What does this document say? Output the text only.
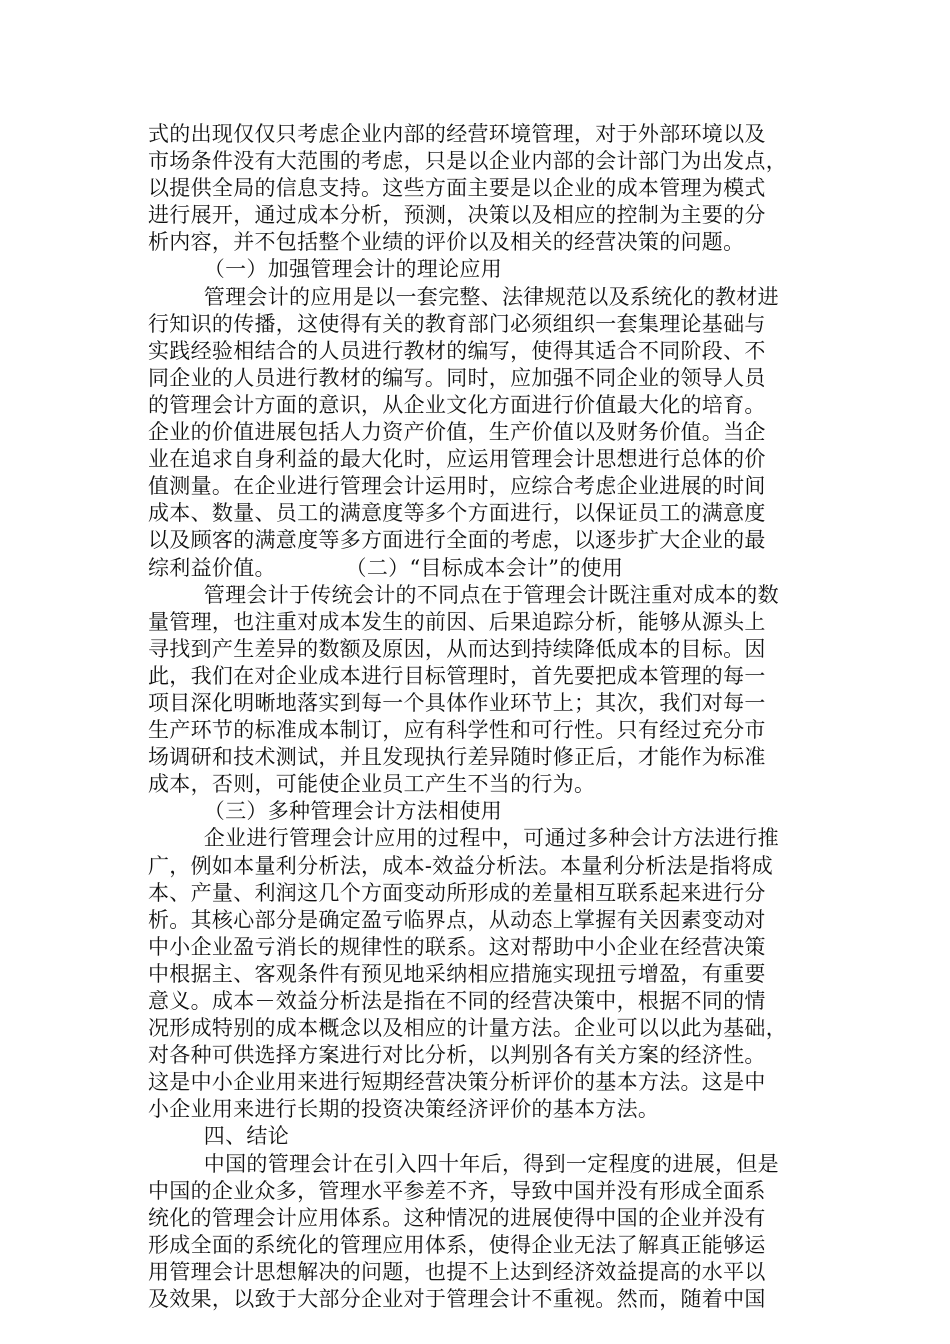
式的出现仅仅只考虑企业内部的经营环境管理，对于外部环境以及
市场条件没有大范围的考虑，只是以企业内部的会计部门为出发点，
以提供全局的信息支持。这些方面主要是以企业的成本管理为模式
进行展开，通过成本分析，预测，决策以及相应的控制为主要的分
析内容，并不包括整个业绩的评价以及相关的经营决策的问题。
（一）加强管理会计的理论应用
管理会计的应用是以一套完整、法律规范以及系统化的教材进
行知识的传播，这使得有关的教育部门必须组织一套集理论基础与
实践经验相结合的人员进行教材的编写，使得其适合不同阶段、不
同企业的人员进行教材的编写。同时，应加强不同企业的领导人员
的管理会计方面的意识，从企业文化方面进行价值最大化的培育。
企业的价值进展包括人力资产价值，生产价值以及财务价值。当企
业在追求自身利益的最大化时，应运用管理会计思想进行总体的价
值测量。在企业进行管理会计运用时，应综合考虑企业进展的时间
成本、数量、员工的满意度等多个方面进行，以保证员工的满意度
以及顾客的满意度等多方面进行全面的考虑，以逐步扩大企业的最
综利益价值。          （二）“目标成本会计”的使用
管理会计于传统会计的不同点在于管理会计既注重对成本的数
量管理，也注重对成本发生的前因、后果追踪分析，能够从源头上
寻找到产生差异的数额及原因，从而达到持续降低成本的目标。因
此，我们在对企业成本进行目标管理时，首先要把成本管理的每一
项目深化明晰地落实到每一个具体作业环节上；其次，我们对每一
生产环节的标准成本制订，应有科学性和可行性。只有经过充分市
场调研和技术测试，并且发现执行差异随时修正后，才能作为标准
成本，否则，可能使企业员工产生不当的行为。
（三）多种管理会计方法相使用
企业进行管理会计应用的过程中，可通过多种会计方法进行推
广，例如本量利分析法，成本-效益分析法。本量利分析法是指将成
本、产量、利润这几个方面变动所形成的差量相互联系起来进行分
析。其核心部分是确定盈亏临界点，从动态上掌握有关因素变动对
中小企业盈亏消长的规律性的联系。这对帮助中小企业在经营决策
中根据主、客观条件有预见地采纳相应措施实现扭亏增盈，有重要
意义。成本－效益分析法是指在不同的经营决策中，根据不同的情
况形成特别的成本概念以及相应的计量方法。企业可以以此为基础，
对各种可供选择方案进行对比分析，以判别各有关方案的经济性。
这是中小企业用来进行短期经营决策分析评价的基本方法。这是中
小企业用来进行长期的投资决策经济评价的基本方法。
四、结论
中国的管理会计在引入四十年后，得到一定程度的进展，但是
中国的企业众多，管理水平参差不齐，导致中国并没有形成全面系
统化的管理会计应用体系。这种情况的进展使得中国的企业并没有
形成全面的系统化的管理应用体系，使得企业无法了解真正能够运
用管理会计思想解决的问题，也提不上达到经济效益提高的水平以
及效果，以致于大部分企业对于管理会计不重视。然而，随着中国
